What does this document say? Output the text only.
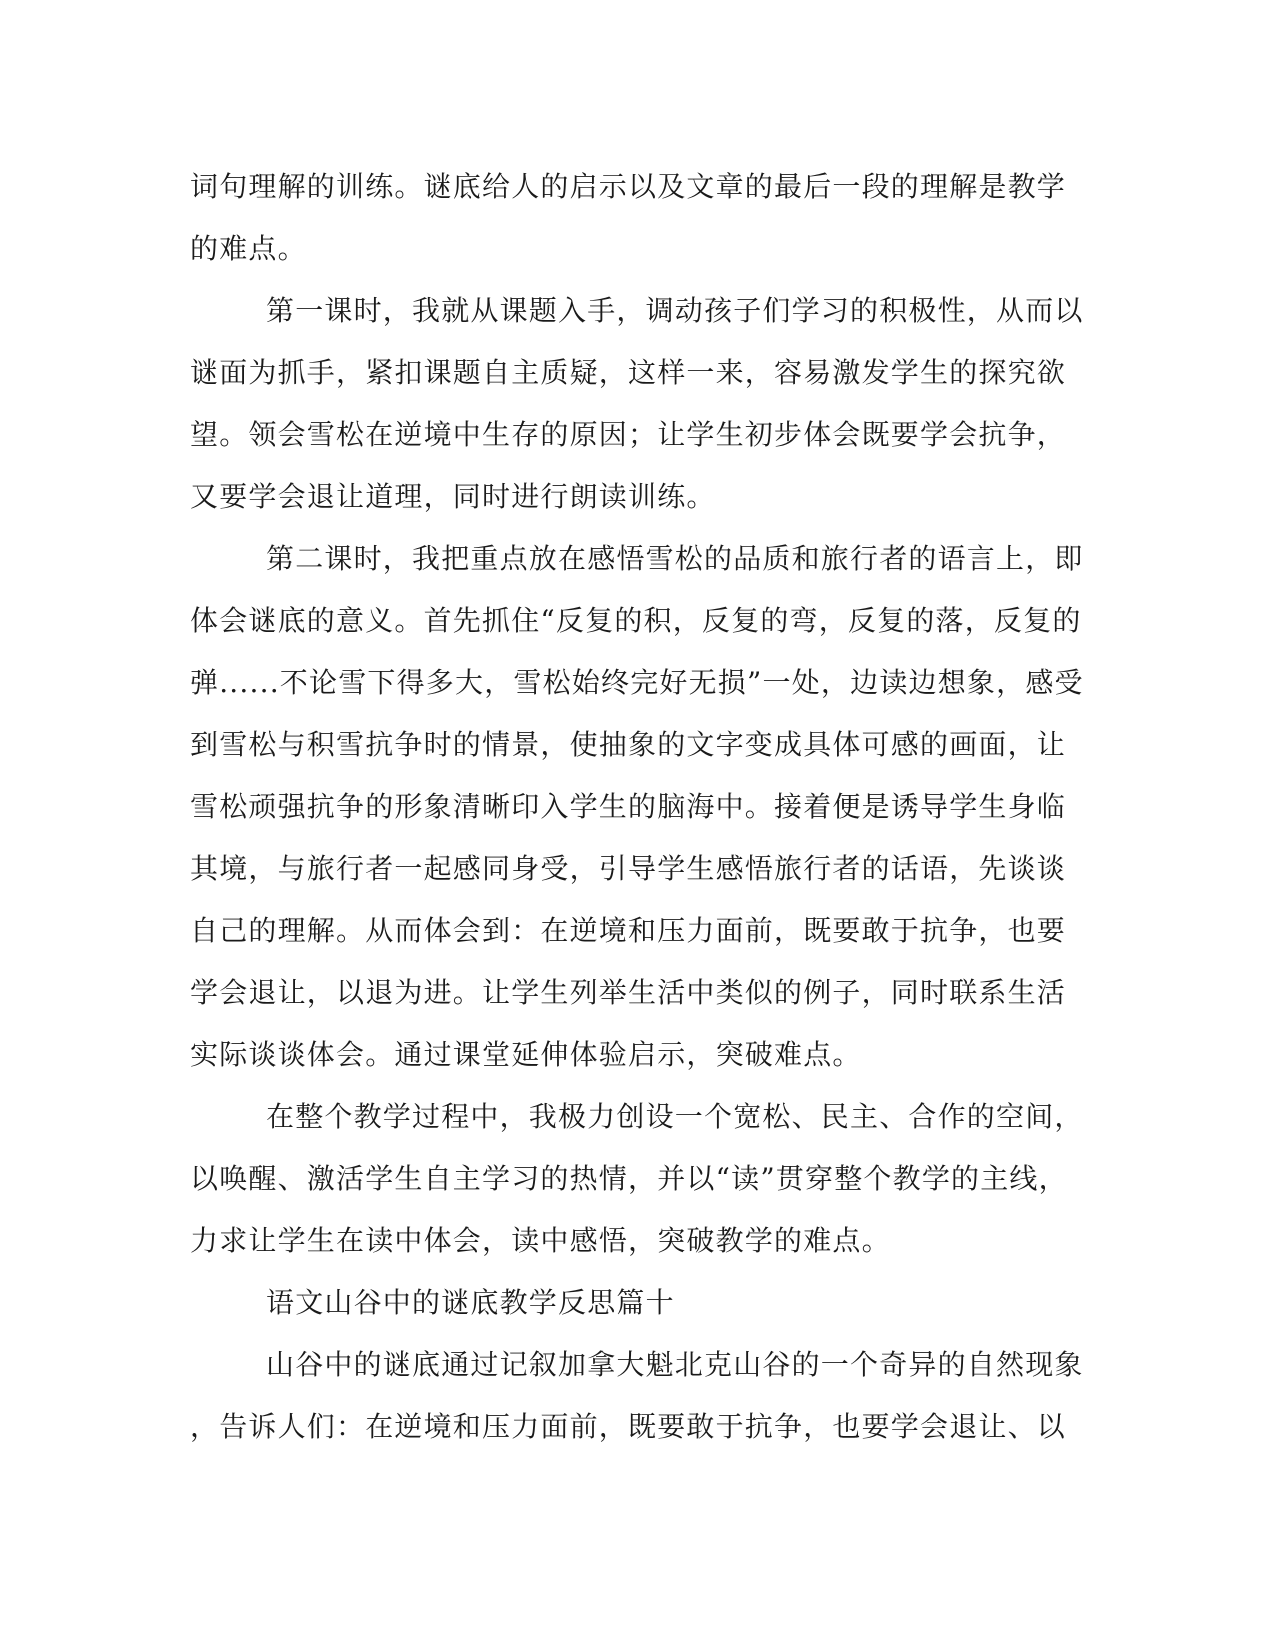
词句理解的训练。谜底给人的启示以及文章的最后一段的理解是教学
的难点。
第一课时，我就从课题入手，调动孩子们学习的积极性，从而以
谜面为抓手，紧扣课题自主质疑，这样一来，容易激发学生的探究欲
望。领会雪松在逆境中生存的原因；让学生初步体会既要学会抗争，
又要学会退让道理，同时进行朗读训练。
第二课时，我把重点放在感悟雪松的品质和旅行者的语言上，即
体会谜底的意义。首先抓住“反复的积，反复的弯，反复的落，反复的
弹......不论雪下得多大，雪松始终完好无损”一处，边读边想象，感受
到雪松与积雪抗争时的情景，使抽象的文字变成具体可感的画面，让
雪松顽强抗争的形象清晰印入学生的脑海中。接着便是诱导学生身临
其境，与旅行者一起感同身受，引导学生感悟旅行者的话语，先谈谈
自己的理解。从而体会到：在逆境和压力面前，既要敢于抗争，也要
学会退让，以退为进。让学生列举生活中类似的例子，同时联系生活
实际谈谈体会。通过课堂延伸体验启示，突破难点。
在整个教学过程中，我极力创设一个宽松、民主、合作的空间，
以唤醒、激活学生自主学习的热情，并以“读”贯穿整个教学的主线，
力求让学生在读中体会，读中感悟，突破教学的难点。
语文山谷中的谜底教学反思篇十
山谷中的谜底通过记叙加拿大魁北克山谷的一个奇异的自然现象
，告诉人们：在逆境和压力面前，既要敢于抗争，也要学会退让、以
